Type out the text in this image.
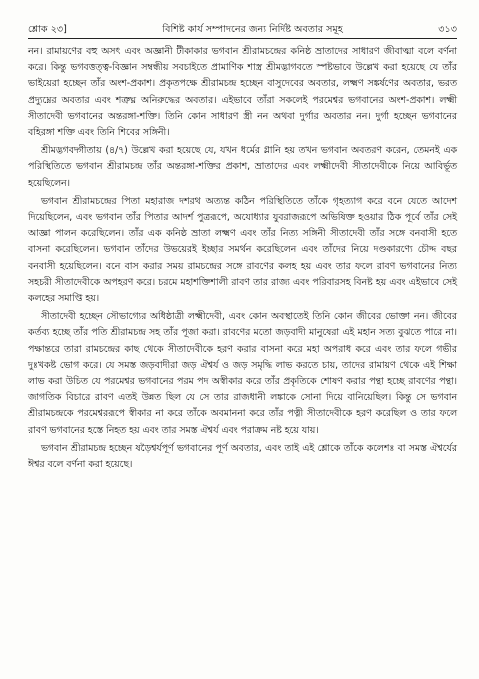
শ্লোক ২৩]	বিশিষ্ট কার্য সম্পাদনের জন্য নির্দিষ্ট অবতার সমূহ	৩১৩

নন। রামায়ণের বহু অসৎ এবং অজ্ঞানী টীকাকার ভগবান শ্রীরামচন্দ্রের কনিষ্ঠ ভ্রাতাদের সাধারণ জীবাত্মা বলে বর্ণনা করে। কিন্তু ভগবত্তত্ত্ব-বিজ্ঞান সম্বন্ধীয় সবচাইতে প্রামাণিক শাস্ত্র শ্রীমদ্ভাগবতে স্পষ্টভাবে উল্লেখ করা হয়েছে যে তাঁর ভাইয়েরা হচ্ছেন তাঁর অংশ-প্রকাশ। প্রকৃতপক্ষে শ্রীরামচন্দ্র হচ্ছেন বাসুদেবের অবতার, লক্ষ্মণ সঙ্কর্ষণের অবতার, ভরত প্রদ্যুম্নের অবতার এবং শত্রুঘ্ন অনিরুদ্ধের অবতার। এইভাবে তাঁরা সকলেই পরমেশ্বর ভগবানের অংশ-প্রকাশ। লক্ষ্মী সীতাদেবী ভগবানের অন্তরঙ্গা-শক্তি। তিনি কোন সাধারণ স্ত্রী নন অথবা দুর্গার অবতার নন। দুর্গা হচ্ছেন ভগবানের বহিরঙ্গা শক্তি এবং তিনি শিবের সঙ্গিনী।

শ্রীমদ্ভগবদ্গীতায় (৪/৭) উল্লেখ করা হয়েছে যে, যখন ধর্মের গ্লানি হয় তখন ভগবান অবতরণ করেন, তেমনই এক পরিস্থিতিতে ভগবান শ্রীরামচন্দ্র তাঁর অন্তরঙ্গা-শক্তির প্রকাশ, ভ্রাতাদের এবং লক্ষ্মীদেবী সীতাদেবীকে নিয়ে আবির্ভূত হয়েছিলেন।

ভগবান শ্রীরামচন্দ্রের পিতা মহারাজ দশরথ অত্যন্ত কঠিন পরিস্থিতিতে তাঁকে গৃহত্যাগ করে বনে যেতে আদেশ দিয়েছিলেন, এবং ভগবান তাঁর পিতার আদর্শ পুত্ররূপে, অযোধ্যার যুবরাজরূপে অভিষিক্ত হওয়ার ঠিক পূর্বে তাঁর সেই আজ্ঞা পালন করেছিলেন। তাঁর এক কনিষ্ঠ ভ্রাতা লক্ষ্মণ এবং তাঁর নিত্য সঙ্গিনী সীতাদেবী তাঁর সঙ্গে বনবাসী হতে বাসনা করেছিলেন। ভগবান তাঁদের উভয়েরই ইচ্ছার সমর্থন করেছিলেন এবং তাঁদের নিয়ে দণ্ডকারণ্যে চৌদ্দ বছর বনবাসী হয়েছিলেন। বনে বাস করার সময় রামচন্দ্রের সঙ্গে রাবণের কলহ হয় এবং তার ফলে রাবণ ভগবানের নিত্য সহচরী সীতাদেবীকে অপহরণ করে। চরমে মহাশক্তিশালী রাবণ তার রাজ্য এবং পরিবারসহ বিনষ্ট হয় এবং এইভাবে সেই কলহের সমাপ্তি হয়।

সীতাদেবী হচ্ছেন সৌভাগ্যের অধিষ্ঠাত্রী লক্ষ্মীদেবী, এবং কোন অবস্থাতেই তিনি কোন জীবের ভোক্তা নন। জীবের কর্তব্য হচ্ছে তাঁর পতি শ্রীরামচন্দ্র সহ তাঁর পূজা করা। রাবণের মতো জড়বাদী মানুষেরা এই মহান সত্য বুঝতে পারে না। পক্ষান্তরে তারা রামচন্দ্রের কাছ থেকে সীতাদেবীকে হরণ করার বাসনা করে মহা অপরাধ করে এবং তার ফলে গভীর দুঃখকষ্ট ভোগ করে। যে সমস্ত জড়বাদীরা জড় ঐশ্বর্য ও জড় সমৃদ্ধি লাভ করতে চায়, তাদের রামায়ণ থেকে এই শিক্ষা লাভ করা উচিত যে পরমেশ্বর ভগবানের পরম পদ অস্বীকার করে তাঁর প্রকৃতিকে শোষণ করার পন্থা হচ্ছে রাবণের পন্থা। জাগতিক বিচারে রাবণ এতই উন্নত ছিল যে সে তার রাজধানী লঙ্কাকে সোনা দিয়ে বানিয়েছিল। কিন্তু সে ভগবান শ্রীরামচন্দ্রকে পরমেশ্বররূপে স্বীকার না করে তাঁকে অবমাননা করে তাঁর পত্নী সীতাদেবীকে হরণ করেছিল ও তার ফলে রাবণ ভগবানের হস্তে নিহত হয় এবং তার সমস্ত ঐশ্বর্য এবং পরাক্রম নষ্ট হয়ে যায়।

ভগবান শ্রীরামচন্দ্র হচ্ছেন ষড়ৈশ্বর্যপূর্ণ ভগবানের পূর্ণ অবতার, এবং তাই এই শ্লোকে তাঁকে কলেশঃ বা সমস্ত ঐশ্বর্যের ঈশ্বর বলে বর্ণনা করা হয়েছে।
